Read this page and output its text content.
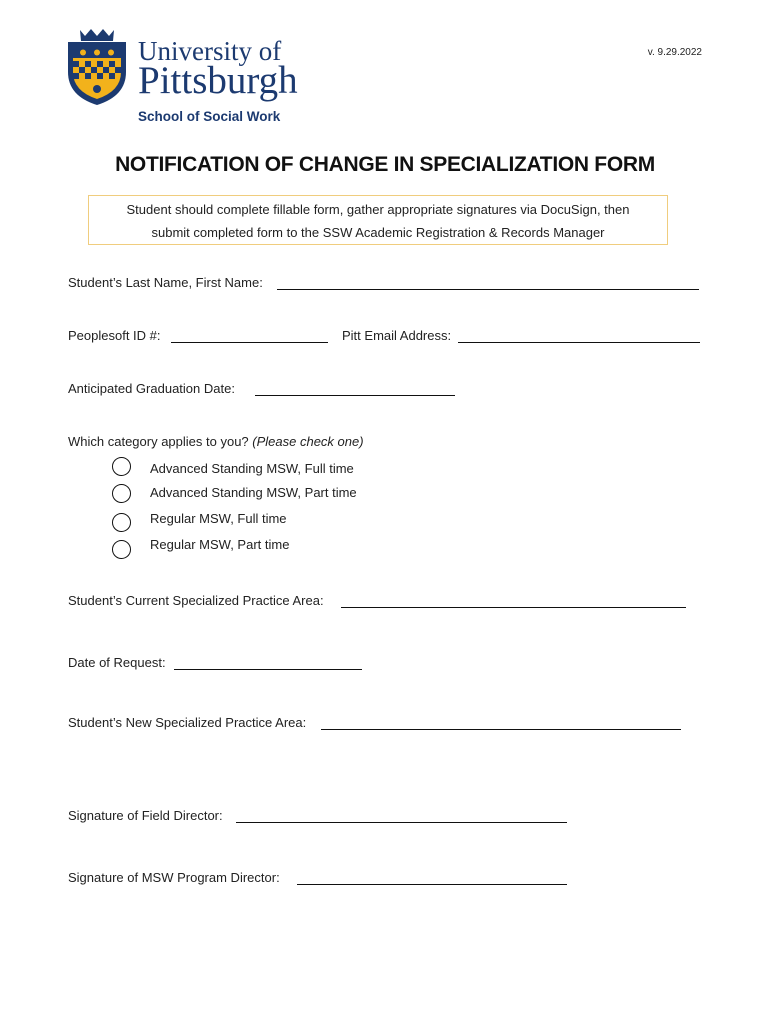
University of
Pittsburgh
School of Social Work
v. 9.29.2022
NOTIFICATION OF CHANGE IN SPECIALIZATION FORM
Student should complete fillable form, gather appropriate signatures via DocuSign, then
submit completed form to the SSW Academic Registration & Records Manager
Student’s Last Name, First Name:
Peoplesoft ID #:	Pitt Email Address:
Anticipated Graduation Date:
Which category applies to you? (Please check one)
Advanced Standing MSW, Full time
Advanced Standing MSW, Part time
Regular MSW, Full time
Regular MSW, Part time
Student’s Current Specialized Practice Area:
Date of Request:
Student’s New Specialized Practice Area:
Signature of Field Director:
Signature of MSW Program Director:
